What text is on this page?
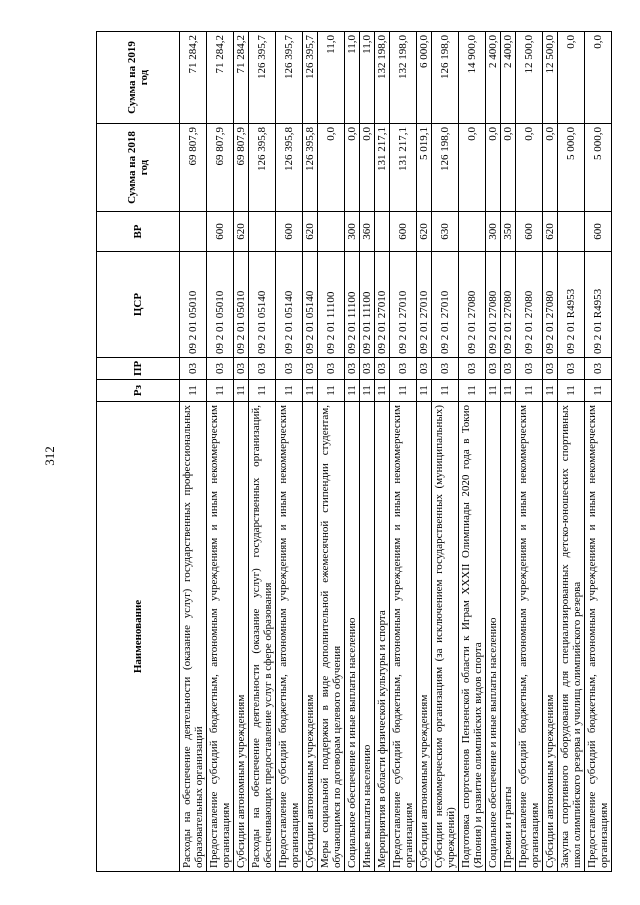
312
Наименование	Рз	ПР	ЦСР	ВР	Сумма на 2018 год	Сумма на 2019 год
Расходы на обеспечение деятельности (оказание услуг) государственных профессиональных образовательных организаций	11	03	09 2 01 05010		69 807,9	71 284,2
Предоставление субсидий бюджетным, автономным учреждениям и иным некоммерческим организациям	11	03	09 2 01 05010	600	69 807,9	71 284,2
Субсидии автономным учреждениям	11	03	09 2 01 05010	620	69 807,9	71 284,2
Расходы на обеспечение деятельности (оказание услуг) государственных организаций, обеспечивающих предоставление услуг в сфере образования	11	03	09 2 01 05140		126 395,8	126 395,7
Предоставление субсидий бюджетным, автономным учреждениям и иным некоммерческим организациям	11	03	09 2 01 05140	600	126 395,8	126 395,7
Субсидии автономным учреждениям	11	03	09 2 01 05140	620	126 395,8	126 395,7
Меры социальной поддержки в виде дополнительной ежемесячной стипендии студентам, обучающимся по договорам целевого обучения	11	03	09 2 01 11100		0,0	11,0
Социальное обеспечение и иные выплаты населению	11	03	09 2 01 11100	300	0,0	11,0
Иные выплаты населению	11	03	09 2 01 11100	360	0,0	11,0
Мероприятия в области физической культуры и спорта	11	03	09 2 01 27010		131 217,1	132 198,0
Предоставление субсидий бюджетным, автономным учреждениям и иным некоммерческим организациям	11	03	09 2 01 27010	600	131 217,1	132 198,0
Субсидии автономным учреждениям	11	03	09 2 01 27010	620	5 019,1	6 000,0
Субсидии некоммерческим организациям (за исключением государственных (муниципальных) учреждений)	11	03	09 2 01 27010	630	126 198,0	126 198,0
Подготовка спортсменов Пензенской области к Играм XXXII Олимпиады 2020 года в Токио (Япония) и развитие олимпийских видов спорта	11	03	09 2 01 27080		0,0	14 900,0
Социальное обеспечение и иные выплаты населению	11	03	09 2 01 27080	300	0,0	2 400,0
Премии и гранты	11	03	09 2 01 27080	350	0,0	2 400,0
Предоставление субсидий бюджетным, автономным учреждениям и иным некоммерческим организациям	11	03	09 2 01 27080	600	0,0	12 500,0
Субсидии автономным учреждениям	11	03	09 2 01 27080	620	0,0	12 500,0
Закупка спортивного оборудования для специализированных детско-юношеских спортивных школ олимпийского резерва и училищ олимпийского резерва	11	03	09 2 01 R4953		5 000,0	0,0
Предоставление субсидий бюджетным, автономным учреждениям и иным некоммерческим организациям	11	03	09 2 01 R4953	600	5 000,0	0,0
